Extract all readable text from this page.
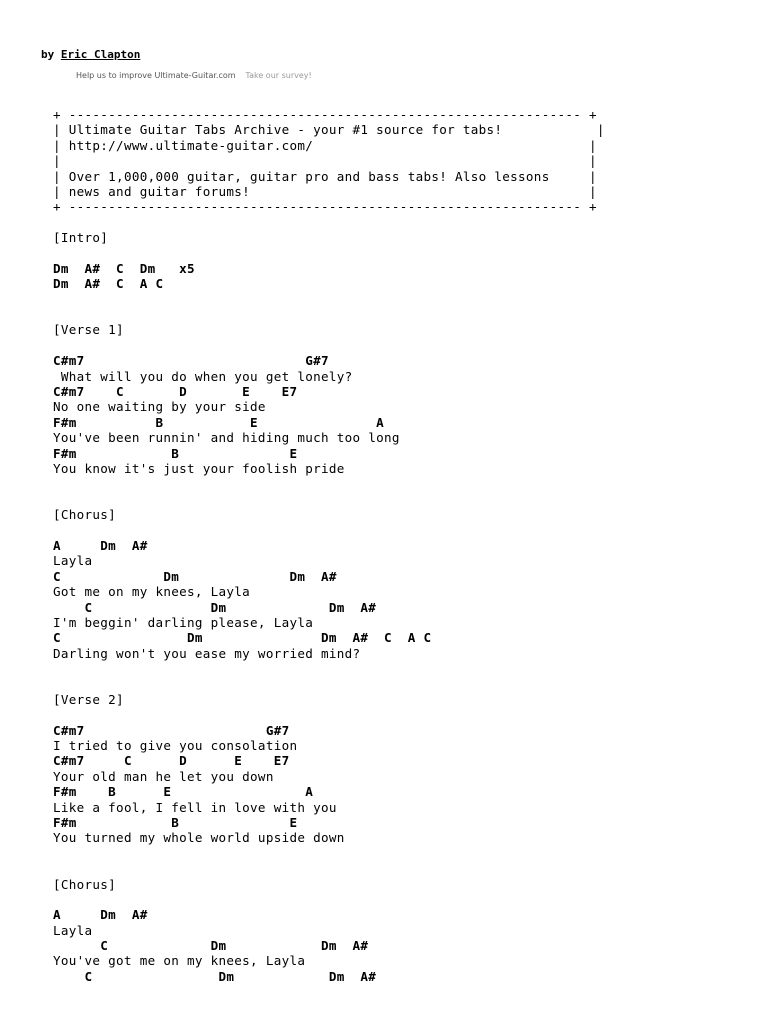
by Eric Clapton
Help us to improve Ultimate-Guitar.com Take our survey!
+ ----------------------------------------------------------------- +
| Ultimate Guitar Tabs Archive - your #1 source for tabs!            |
| http://www.ultimate-guitar.com/                                   |
|                                                                   |
| Over 1,000,000 guitar, guitar pro and bass tabs! Also lessons     |
| news and guitar forums!                                           |
+ ----------------------------------------------------------------- +
[Intro]
Dm  A#  C  Dm   x5
Dm  A#  C  A C
[Verse 1]
C#m7                            G#7
What will you do when you get lonely?
C#m7    C       D       E    E7
No one waiting by your side
F#m          B           E               A
You've been runnin' and hiding much too long
F#m            B              E
You know it's just your foolish pride
[Chorus]
A     Dm  A#
Layla
C             Dm              Dm  A#
Got me on my knees, Layla
C               Dm             Dm  A#
I'm beggin' darling please, Layla
C                Dm               Dm  A#  C  A C
Darling won't you ease my worried mind?
[Verse 2]
C#m7                       G#7
I tried to give you consolation
C#m7     C      D      E    E7
Your old man he let you down
F#m    B      E                 A
Like a fool, I fell in love with you
F#m            B              E
You turned my whole world upside down
[Chorus]
A     Dm  A#
Layla
C             Dm            Dm  A#
You've got me on my knees, Layla
C                Dm            Dm  A#
